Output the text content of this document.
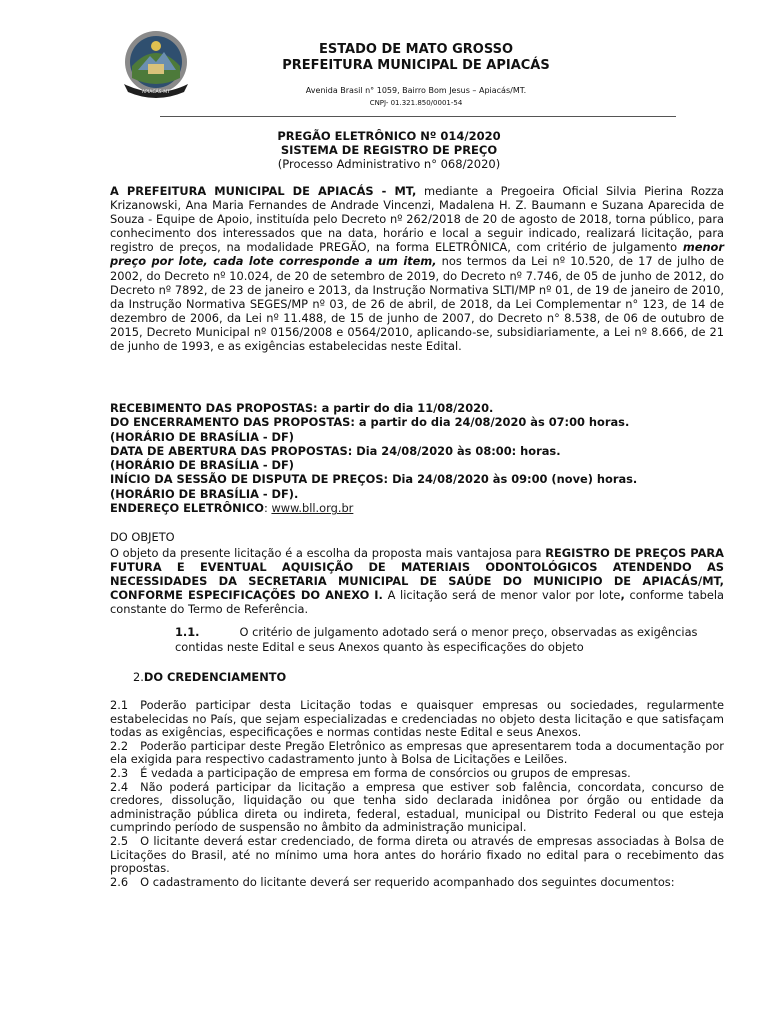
APIACÁS-MT
ESTADO DE MATO GROSSO
PREFEITURA MUNICIPAL DE APIACÁS
Avenida Brasil n° 1059, Bairro Bom Jesus – Apiacás/MT.
CNPJ- 01.321.850/0001-54
PREGÃO ELETRÔNICO Nº 014/2020
SISTEMA DE REGISTRO DE PREÇO
(Processo Administrativo n° 068/2020)

A PREFEITURA MUNICIPAL DE APIACÁS - MT, mediante a Pregoeira Oficial Silvia Pierina Rozza Krizanowski, Ana Maria Fernandes de Andrade Vincenzi, Madalena H. Z. Baumann e Suzana Aparecida de Souza - Equipe de Apoio, instituída pelo Decreto nº 262/2018 de 20 de agosto de 2018, torna público, para conhecimento dos interessados que na data, horário e local a seguir indicado, realizará licitação, para registro de preços, na modalidade PREGÃO, na forma ELETRÔNICA, com critério de julgamento menor preço por lote, cada lote corresponde a um item, nos termos da Lei nº 10.520, de 17 de julho de 2002, do Decreto nº 10.024, de 20 de setembro de 2019, do Decreto nº 7.746, de 05 de junho de 2012, do Decreto nº 7892, de 23 de janeiro e 2013, da Instrução Normativa SLTI/MP nº 01, de 19 de janeiro de 2010, da Instrução Normativa SEGES/MP nº 03, de 26 de abril, de 2018, da Lei Complementar n° 123, de 14 de dezembro de 2006, da Lei nº 11.488, de 15 de junho de 2007, do Decreto n° 8.538, de 06 de outubro de 2015, Decreto Municipal nº 0156/2008 e 0564/2010, aplicando-se, subsidiariamente, a Lei nº 8.666, de 21 de junho de 1993, e as exigências estabelecidas neste Edital.

RECEBIMENTO DAS PROPOSTAS: a partir do dia 11/08/2020.
DO ENCERRAMENTO DAS PROPOSTAS: a partir do dia 24/08/2020 às 07:00 horas.
(HORÁRIO DE BRASÍLIA - DF)
DATA DE ABERTURA DAS PROPOSTAS: Dia 24/08/2020 às 08:00: horas.
(HORÁRIO DE BRASÍLIA - DF)
INÍCIO DA SESSÃO DE DISPUTA DE PREÇOS: Dia 24/08/2020 às 09:00 (nove) horas.
(HORÁRIO DE BRASÍLIA - DF).
ENDEREÇO ELETRÔNICO: www.bll.org.br
DO OBJETO

O objeto da presente licitação é a escolha da proposta mais vantajosa para REGISTRO DE PREÇOS PARA FUTURA E EVENTUAL AQUISIÇÃO DE MATERIAIS ODONTOLÓGICOS ATENDENDO AS NECESSIDADES DA SECRETARIA MUNICIPAL DE SAÚDE DO MUNICIPIO DE APIACÁS/MT, CONFORME ESPECIFICAÇÕES DO ANEXO I. A licitação será de menor valor por lote, conforme tabela constante do Termo de Referência.

1.1.	O critério de julgamento adotado será o menor preço, observadas as exigências contidas neste Edital e seus Anexos quanto às especificações do objeto
2.DO CREDENCIAMENTO

2.1 Poderão participar desta Licitação todas e quaisquer empresas ou sociedades, regularmente estabelecidas no País, que sejam especializadas e credenciadas no objeto desta licitação e que satisfaçam todas as exigências, especificações e normas contidas neste Edital e seus Anexos.

2.2 Poderão participar deste Pregão Eletrônico as empresas que apresentarem toda a documentação por ela exigida para respectivo cadastramento junto à Bolsa de Licitações e Leilões.

2.3 É vedada a participação de empresa em forma de consórcios ou grupos de empresas.

2.4 Não poderá participar da licitação a empresa que estiver sob falência, concordata, concurso de credores, dissolução, liquidação ou que tenha sido declarada inidônea por órgão ou entidade da administração pública direta ou indireta, federal, estadual, municipal ou Distrito Federal ou que esteja cumprindo período de suspensão no âmbito da administração municipal.

2.5 O licitante deverá estar credenciado, de forma direta ou através de empresas associadas à Bolsa de Licitações do Brasil, até no mínimo uma hora antes do horário fixado no edital para o recebimento das propostas.

2.6 O cadastramento do licitante deverá ser requerido acompanhado dos seguintes documentos:
